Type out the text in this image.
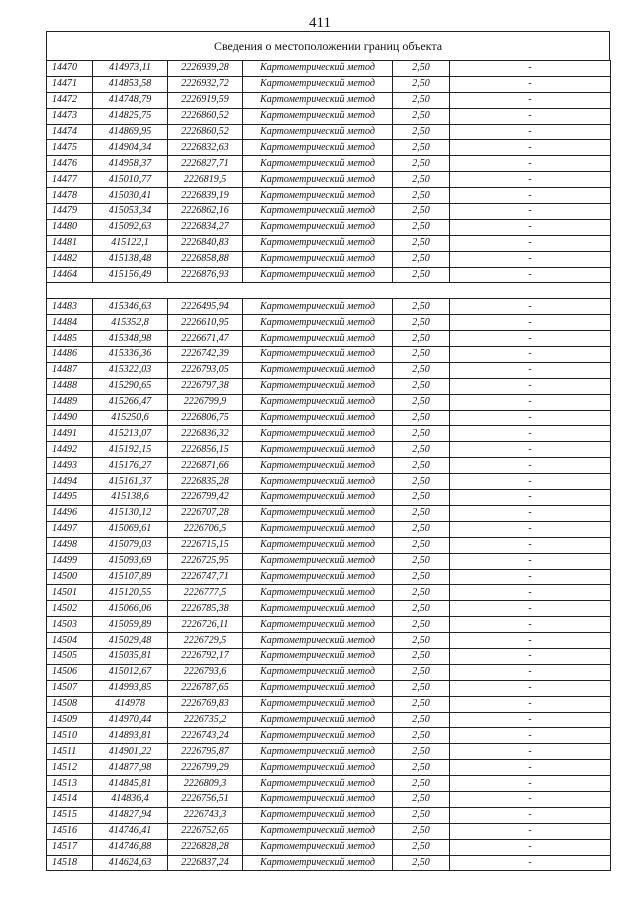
411
Сведения о местоположении границ объекта
14470	414973,11	2226939,28	Картометрический метод	2,50	-
14471	414853,58	2226932,72	Картометрический метод	2,50	-
14472	414748,79	2226919,59	Картометрический метод	2,50	-
14473	414825,75	2226860,52	Картометрический метод	2,50	-
14474	414869,95	2226860,52	Картометрический метод	2,50	-
14475	414904,34	2226832,63	Картометрический метод	2,50	-
14476	414958,37	2226827,71	Картометрический метод	2,50	-
14477	415010,77	2226819,5	Картометрический метод	2,50	-
14478	415030,41	2226839,19	Картометрический метод	2,50	-
14479	415053,34	2226862,16	Картометрический метод	2,50	-
14480	415092,63	2226834,27	Картометрический метод	2,50	-
14481	415122,1	2226840,83	Картометрический метод	2,50	-
14482	415138,48	2226858,88	Картометрический метод	2,50	-
14464	415156,49	2226876,93	Картометрический метод	2,50	-

14483	415346,63	2226495,94	Картометрический метод	2,50	-
14484	415352,8	2226610,95	Картометрический метод	2,50	-
14485	415348,98	2226671,47	Картометрический метод	2,50	-
14486	415336,36	2226742,39	Картометрический метод	2,50	-
14487	415322,03	2226793,05	Картометрический метод	2,50	-
14488	415290,65	2226797,38	Картометрический метод	2,50	-
14489	415266,47	2226799,9	Картометрический метод	2,50	-
14490	415250,6	2226806,75	Картометрический метод	2,50	-
14491	415213,07	2226836,32	Картометрический метод	2,50	-
14492	415192,15	2226856,15	Картометрический метод	2,50	-
14493	415176,27	2226871,66	Картометрический метод	2,50	-
14494	415161,37	2226835,28	Картометрический метод	2,50	-
14495	415138,6	2226799,42	Картометрический метод	2,50	-
14496	415130,12	2226707,28	Картометрический метод	2,50	-
14497	415069,61	2226706,5	Картометрический метод	2,50	-
14498	415079,03	2226715,15	Картометрический метод	2,50	-
14499	415093,69	2226725,95	Картометрический метод	2,50	-
14500	415107,89	2226747,71	Картометрический метод	2,50	-
14501	415120,55	2226777,5	Картометрический метод	2,50	-
14502	415066,06	2226785,38	Картометрический метод	2,50	-
14503	415059,89	2226726,11	Картометрический метод	2,50	-
14504	415029,48	2226729,5	Картометрический метод	2,50	-
14505	415035,81	2226792,17	Картометрический метод	2,50	-
14506	415012,67	2226793,6	Картометрический метод	2,50	-
14507	414993,85	2226787,65	Картометрический метод	2,50	-
14508	414978	2226769,83	Картометрический метод	2,50	-
14509	414970,44	2226735,2	Картометрический метод	2,50	-
14510	414893,81	2226743,24	Картометрический метод	2,50	-
14511	414901,22	2226795,87	Картометрический метод	2,50	-
14512	414877,98	2226799,29	Картометрический метод	2,50	-
14513	414845,81	2226809,3	Картометрический метод	2,50	-
14514	414836,4	2226756,51	Картометрический метод	2,50	-
14515	414827,94	2226743,3	Картометрический метод	2,50	-
14516	414746,41	2226752,65	Картометрический метод	2,50	-
14517	414746,88	2226828,28	Картометрический метод	2,50	-
14518	414624,63	2226837,24	Картометрический метод	2,50	-
